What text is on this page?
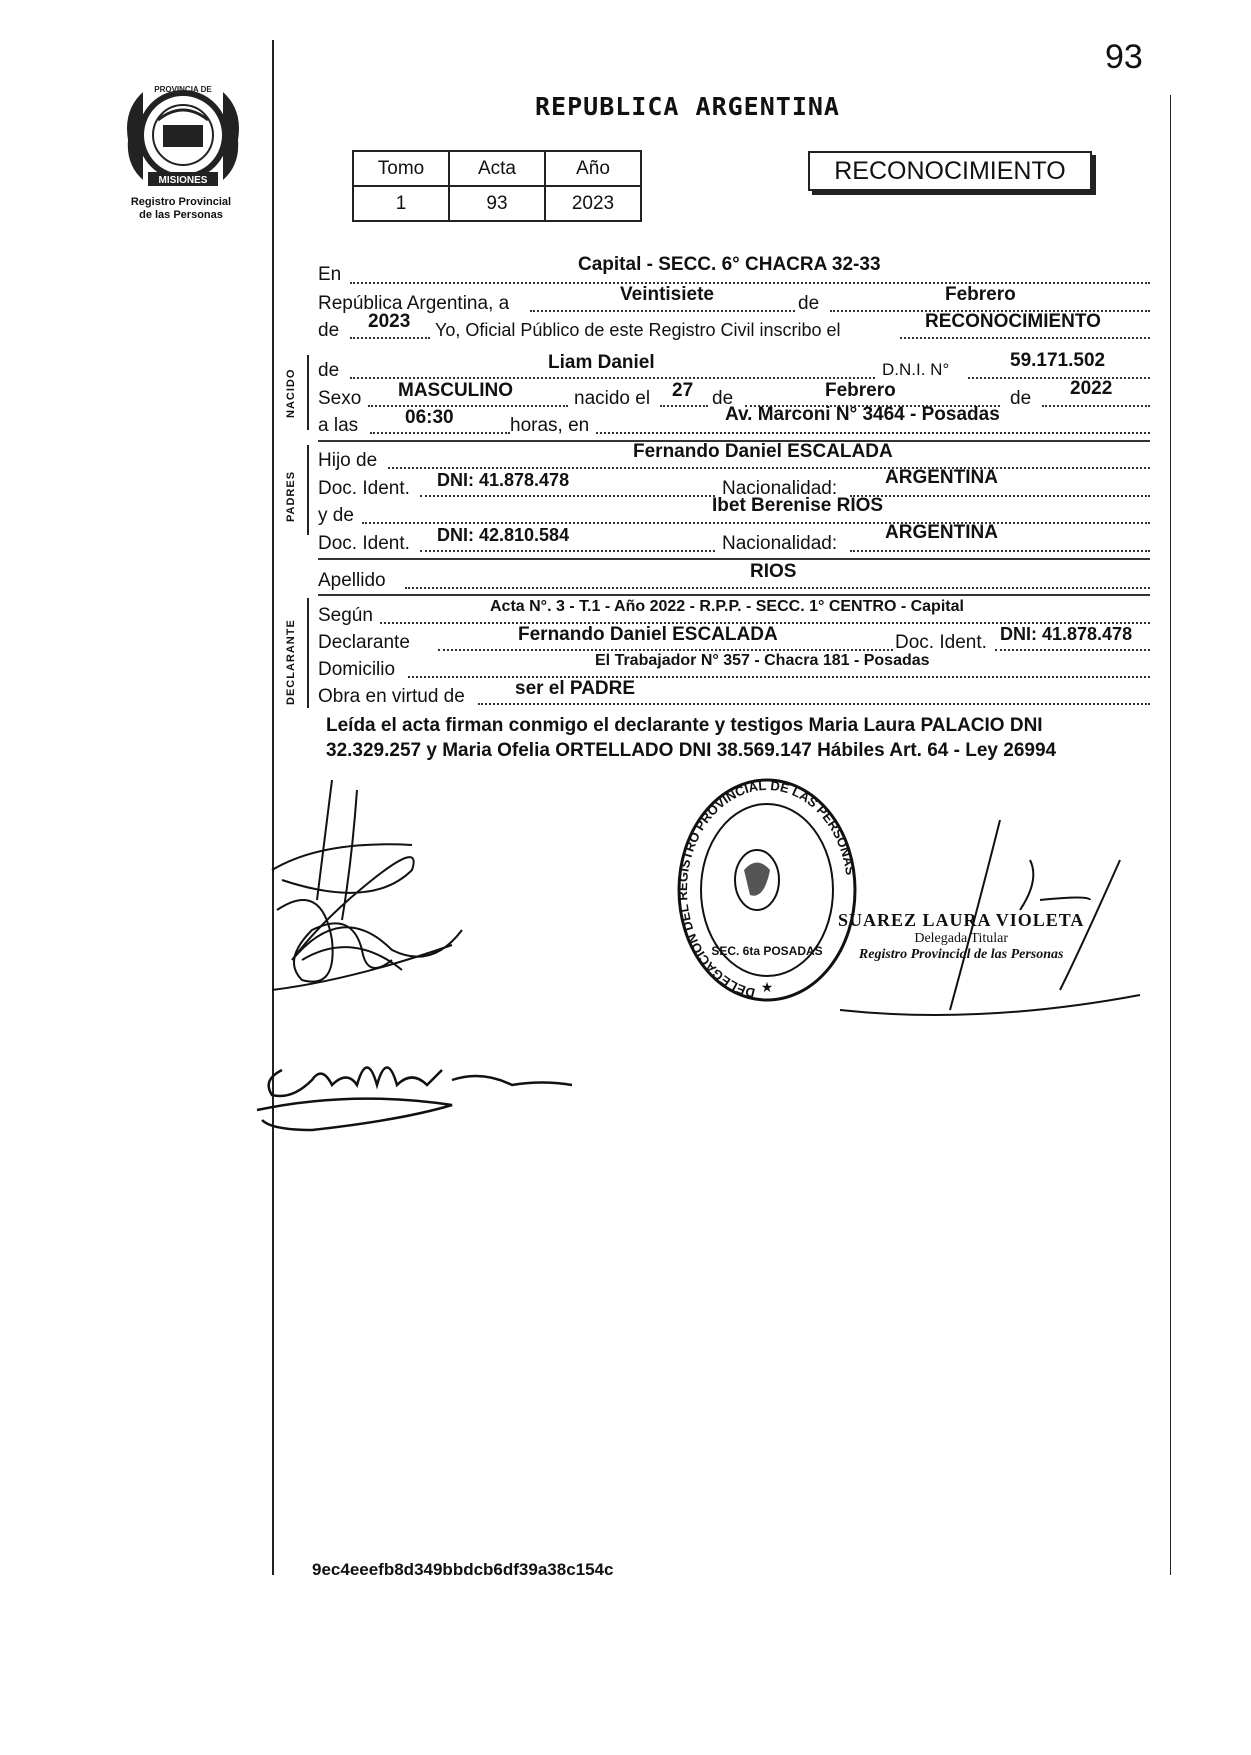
93
MISIONES
PROVINCIA DE
Registro Provincial
de las Personas
REPUBLICA ARGENTINA
Tomo	Acta	Año
1	93	2023
RECONOCIMIENTO
NACIDO
PADRES
DECLARANTE
En	Capital - SECC. 6° CHACRA 32-33
República Argentina, a	Veintisiete	de	Febrero
de 2023 Yo, Oficial Público de este Registro Civil inscribo el	RECONOCIMIENTO
de	Liam Daniel	D.N.I. N°	59.171.502
Sexo MASCULINO	nacido el 27 de	Febrero	de 2022
a las 06:30	horas, en
Av. Marconi N° 3464 - Posadas
Hijo de	Fernando Daniel ESCALADA
Doc. Ident. DNI: 41.878.478	Nacionalidad:
ARGENTINA
y de	Ibet Berenise RIOS
Doc. Ident. DNI: 42.810.584	Nacionalidad:
ARGENTINA
Apellido	RIOS
Según	Acta N°. 3 - T.1 - Año 2022 - R.P.P. - SECC. 1° CENTRO - Capital
Declarante	Fernando Daniel ESCALADA	Doc. Ident. DNI: 41.878.478
Domicilio	El Trabajador N° 357 - Chacra 181 - Posadas
Obra en virtud de	ser el PADRE
Leída el acta firman conmigo el declarante y testigos Maria Laura PALACIO DNI 32.329.257 y Maria Ofelia ORTELLADO DNI 38.569.147 Hábiles Art. 64 - Ley 26994
DELEGACION DEL REGISTRO PROVINCIAL DE LAS PERSONAS
SEC. 6ta POSADAS
★
SUAREZ LAURA VIOLETA
Delegada Titular
Registro Provincial de las Personas
9ec4eeefb8d349bbdcb6df39a38c154c
